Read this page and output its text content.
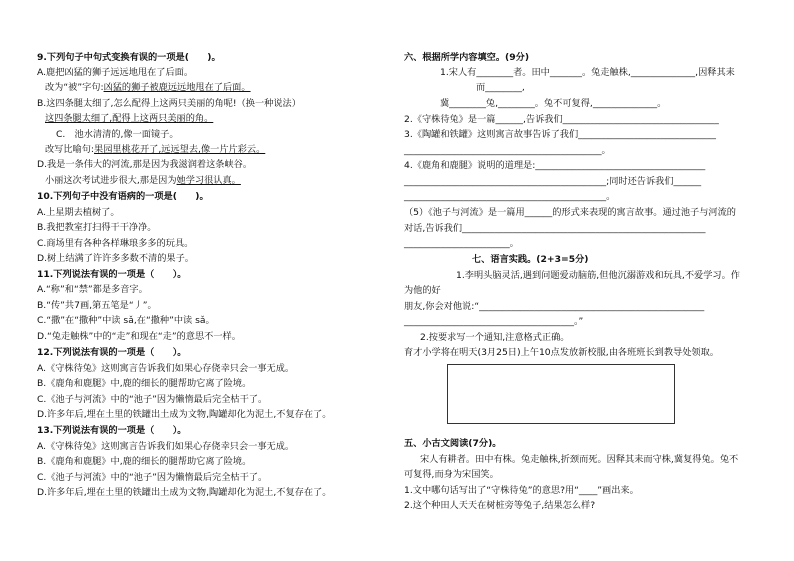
9.下列句子中句式变换有误的一项是(　　)。
A.鹿把凶猛的狮子远远地甩在了后面。
改为“被”字句:凶猛的狮子被鹿远远地甩在了后面。
B.这四条腿太细了,怎么配得上这两只美丽的角呢!（换一种说法）
这四条腿太细了,配得上这两只美丽的角。
C.　池水清清的,像一面镜子。
改写比喻句:果园里桃花开了,远远望去,像一片片彩云。
D.我是一条伟大的河流,那是因为我滋润着这条峡谷。
小丽这次考试进步很大,那是因为她学习很认真。
10.下列句子中没有语病的一项是(　　)。
A.上星期去植树了。
B.我把教室打扫得干干净净。
C.商场里有各种各样琳琅多多的玩具。
D.树上结满了许许多多数不清的果子。
11.下列说法有误的一项是（　　）。
A.“称”和“禁”都是多音字。
B.“传”共7画,第五笔是“丿”。
C.“撒”在“撒种”中读 sǎ,在“撒种”中读 sǎ。
D.“兔走触株”中的“走”和现在“走”的意思不一样。
12.下列说法有误的一项是（　　）。
A.《守株待兔》这则寓言告诉我们如果心存侥幸只会一事无成。
B.《鹿角和鹿腿》中,鹿的细长的腿帮助它离了险境。
C.《池子与河流》中的“池子”因为懒惰最后完全枯干了。
D.许多年后,埋在土里的铁罐出土成为文物,陶罐却化为泥土,不复存在了。
13.下列说法有误的一项是（　　）。
A.《守株待兔》这则寓言告诉我们如果心存侥幸只会一事无成。
B.《鹿角和鹿腿》中,鹿的细长的腿帮助它离了险境。
C.《池子与河流》中的“池子”因为懒惰最后完全枯干了。
D.许多年后,埋在土里的铁罐出土成为文物,陶罐却化为泥土,不复存在了。
六、根据所学内容填空。(9分)
1.宋人有________者。田中_______。兔走触株,______________,因释其耒
而________,
冀________兔,________。兔不可复得,______________。
2.《守株待兔》是一篇______,告诉我们__________________________________
3.《陶罐和铁罐》这则寓言故事告诉了我们______________________________
___________________________________________。
4.《鹿角和鹿腿》说明的道理是:_____________________________________
____________________________________________;同时还告诉我们______
____________________________________________。
（5）《池子与河流》是一篇用______的形式来表现的寓言故事。通过池子与河流的
对话,告诉我们_____________________________________________________
_______________________。
七、语言实践。(2+3=5分)
1.李明头脑灵活,遇到问题爱动脑筋,但他沉溺游戏和玩具,不爱学习。作
为他的好
朋友,你会对他说:“_________________________________________________
_____________________________________。”
2.按要求写一个通知,注意格式正确。
育才小学将在明天(3月25日)上午10点发放新校服,由各班班长到教导处领取。
五、小古文阅读(7分)。
宋人有耕者。田中有株。兔走触株,折颈而死。因释其耒而守株,冀复得兔。兔不
可复得,而身为宋国笑。
1.文中哪句话写出了“守株待兔”的意思?用“____”画出来。
2.这个种田人天天在树桩旁等兔子,结果怎么样?
